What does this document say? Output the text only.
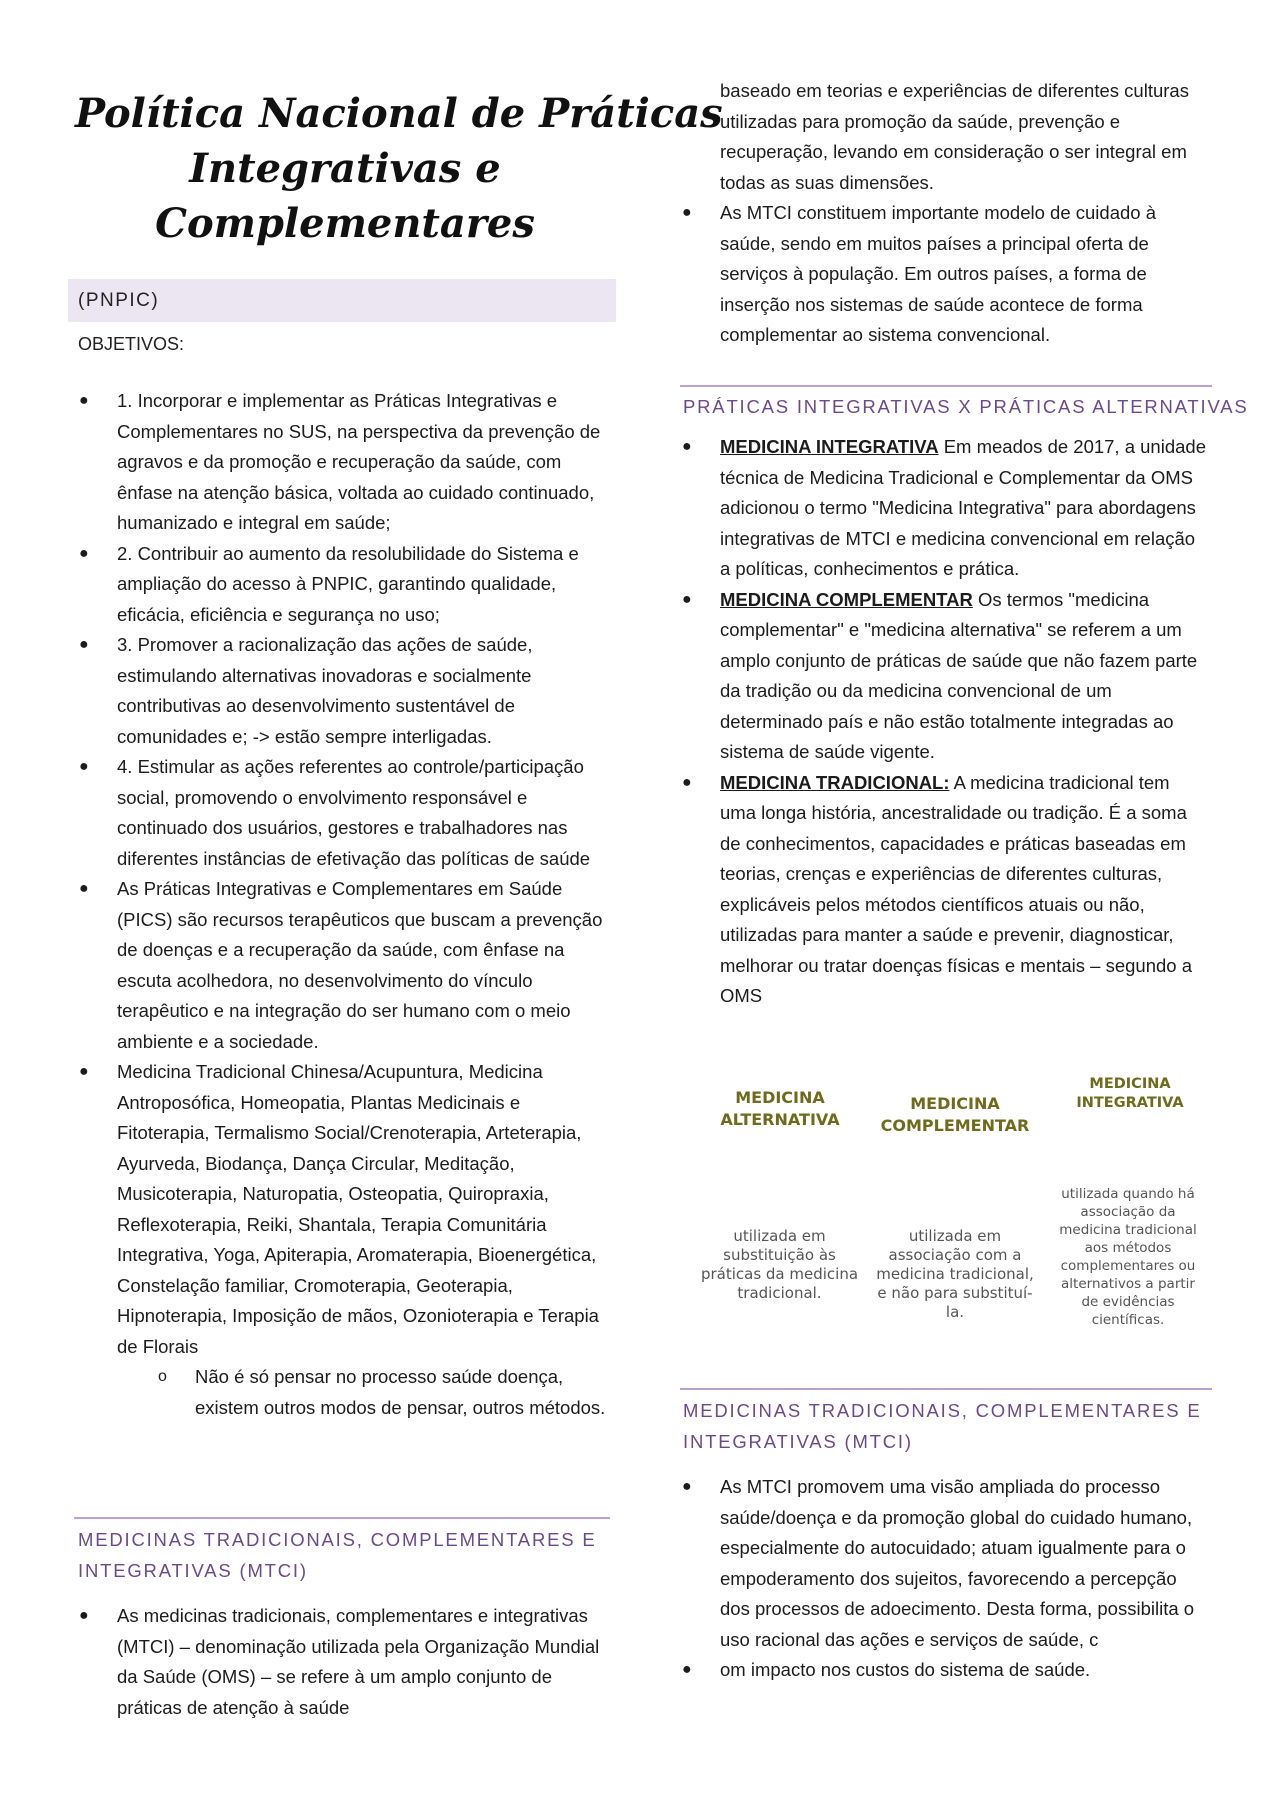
Política Nacional de Práticas
Integrativas e
Complementares
(PNPIC)
OBJETIVOS:
● 1. Incorporar e implementar as Práticas Integrativas e Complementares no SUS, na perspectiva da prevenção de agravos e da promoção e recuperação da saúde, com ênfase na atenção básica, voltada ao cuidado continuado, humanizado e integral em saúde;
● 2. Contribuir ao aumento da resolubilidade do Sistema e ampliação do acesso à PNPIC, garantindo qualidade, eficácia, eficiência e segurança no uso;
● 3. Promover a racionalização das ações de saúde, estimulando alternativas inovadoras e socialmente contributivas ao desenvolvimento sustentável de comunidades e; -> estão sempre interligadas.
● 4. Estimular as ações referentes ao controle/participação social, promovendo o envolvimento responsável e continuado dos usuários, gestores e trabalhadores nas diferentes instâncias de efetivação das políticas de saúde
● As Práticas Integrativas e Complementares em Saúde (PICS) são recursos terapêuticos que buscam a prevenção de doenças e a recuperação da saúde, com ênfase na escuta acolhedora, no desenvolvimento do vínculo terapêutico e na integração do ser humano com o meio ambiente e a sociedade.
● Medicina Tradicional Chinesa/Acupuntura, Medicina Antroposófica, Homeopatia, Plantas Medicinais e Fitoterapia, Termalismo Social/Crenoterapia, Arteterapia, Ayurveda, Biodança, Dança Circular, Meditação, Musicoterapia, Naturopatia, Osteopatia, Quiropraxia, Reflexoterapia, Reiki, Shantala, Terapia Comunitária Integrativa, Yoga, Apiterapia, Aromaterapia, Bioenergética, Constelação familiar, Cromoterapia, Geoterapia, Hipnoterapia, Imposição de mãos, Ozonioterapia e Terapia de Florais
o Não é só pensar no processo saúde doença, existem outros modos de pensar, outros métodos.
MEDICINAS TRADICIONAIS, COMPLEMENTARES E
INTEGRATIVAS (MTCI)
● As medicinas tradicionais, complementares e integrativas (MTCI) – denominação utilizada pela Organização Mundial da Saúde (OMS) – se refere à um amplo conjunto de práticas de atenção à saúde
baseado em teorias e experiências de diferentes culturas utilizadas para promoção da saúde, prevenção e recuperação, levando em consideração o ser integral em todas as suas dimensões.
● As MTCI constituem importante modelo de cuidado à saúde, sendo em muitos países a principal oferta de serviços à população. Em outros países, a forma de inserção nos sistemas de saúde acontece de forma complementar ao sistema convencional.
PRÁTICAS INTEGRATIVAS X PRÁTICAS ALTERNATIVAS
● MEDICINA INTEGRATIVA Em meados de 2017, a unidade técnica de Medicina Tradicional e Complementar da OMS adicionou o termo "Medicina Integrativa" para abordagens integrativas de MTCI e medicina convencional em relação a políticas, conhecimentos e prática.
● MEDICINA COMPLEMENTAR Os termos "medicina complementar" e "medicina alternativa" se referem a um amplo conjunto de práticas de saúde que não fazem parte da tradição ou da medicina convencional de um determinado país e não estão totalmente integradas ao sistema de saúde vigente.
● MEDICINA TRADICIONAL: A medicina tradicional tem uma longa história, ancestralidade ou tradição. É a soma de conhecimentos, capacidades e práticas baseadas em teorias, crenças e experiências de diferentes culturas, explicáveis pelos métodos científicos atuais ou não, utilizadas para manter a saúde e prevenir, diagnosticar, melhorar ou tratar doenças físicas e mentais – segundo a OMS
MEDICINA
ALTERNATIVA
MEDICINA
COMPLEMENTAR
MEDICINA
INTEGRATIVA
utilizada em
substituição às
práticas da medicina
tradicional.
utilizada em
associação com a
medicina tradicional,
e não para substituí-
la.
utilizada quando há
associação da
medicina tradicional
aos métodos
complementares ou
alternativos a partir
de evidências
científicas.
MEDICINAS TRADICIONAIS, COMPLEMENTARES E
INTEGRATIVAS (MTCI)
● As MTCI promovem uma visão ampliada do processo saúde/doença e da promoção global do cuidado humano, especialmente do autocuidado; atuam igualmente para o empoderamento dos sujeitos, favorecendo a percepção dos processos de adoecimento. Desta forma, possibilita o uso racional das ações e serviços de saúde, c
● om impacto nos custos do sistema de saúde.
